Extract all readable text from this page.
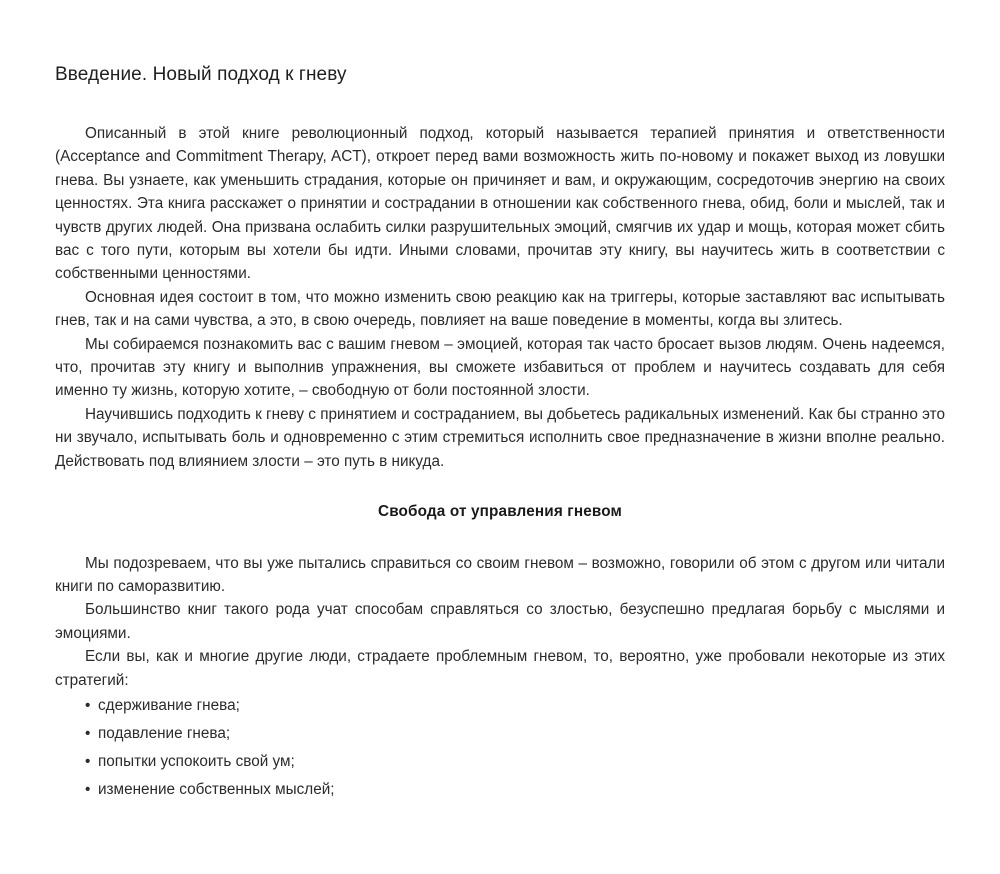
Введение. Новый подход к гневу

Описанный в этой книге революционный подход, который называется терапией принятия и ответственности (Acceptance and Commitment Therapy, ACT), откроет перед вами возможность жить по-новому и покажет выход из ловушки гнева. Вы узнаете, как уменьшить страдания, которые он причиняет и вам, и окружающим, сосредоточив энергию на своих ценностях. Эта книга расскажет о принятии и сострадании в отношении как собственного гнева, обид, боли и мыслей, так и чувств других людей. Она призвана ослабить силки разрушительных эмоций, смягчив их удар и мощь, которая может сбить вас с того пути, которым вы хотели бы идти. Иными словами, прочитав эту книгу, вы научитесь жить в соответствии с собственными ценностями.

Основная идея состоит в том, что можно изменить свою реакцию как на триггеры, которые заставляют вас испытывать гнев, так и на сами чувства, а это, в свою очередь, повлияет на ваше поведение в моменты, когда вы злитесь.

Мы собираемся познакомить вас с вашим гневом – эмоцией, которая так часто бросает вызов людям. Очень надеемся, что, прочитав эту книгу и выполнив упражнения, вы сможете избавиться от проблем и научитесь создавать для себя именно ту жизнь, которую хотите, – свободную от боли постоянной злости.

Научившись подходить к гневу с принятием и состраданием, вы добьетесь радикальных изменений. Как бы странно это ни звучало, испытывать боль и одновременно с этим стремиться исполнить свое предназначение в жизни вполне реально. Действовать под влиянием злости – это путь в никуда.

Свобода от управления гневом

Мы подозреваем, что вы уже пытались справиться со своим гневом – возможно, говорили об этом с другом или читали книги по саморазвитию.

Большинство книг такого рода учат способам справляться со злостью, безуспешно предлагая борьбу с мыслями и эмоциями.

Если вы, как и многие другие люди, страдаете проблемным гневом, то, вероятно, уже пробовали некоторые из этих стратегий:

• сдерживание гнева;
• подавление гнева;
• попытки успокоить свой ум;
• изменение собственных мыслей;
